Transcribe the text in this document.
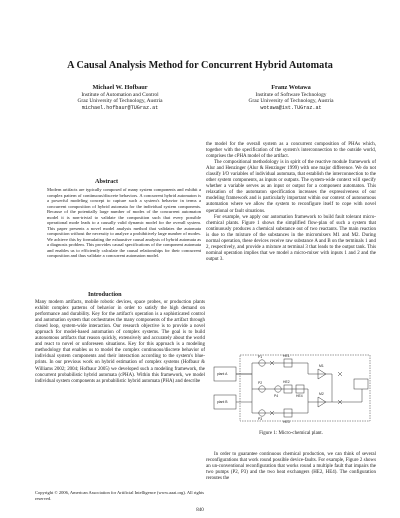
A Causal Analysis Method for Concurrent Hybrid Automata
Michael W. Hofbaur
Institute of Automation and Control
Graz University of Technology, Austria
michael.hofbaur@TUGraz.at
Franz Wotawa
Institute of Software Technology
Graz University of Technology, Austria
wotawa@ist.TUGraz.at
Abstract
Modern artifacts are typically composed of many system components and exhibit a complex pattern of continuous/discrete behaviors. A concurrent hybrid automaton is a powerful modeling concept to capture such a system's behavior in terms a concurrent composition of hybrid automata for the individual system components. Because of the potentially large number of modes of the concurrent automaton model it is non-trivial to validate the composition such that every possible operational mode leads to a causally valid dynamic model for the overall system. This paper presents a novel model analysis method that validates the automata composition without the necessity to analyze a prohibitively large number of modes. We achieve this by formulating the exhaustive causal analysis of hybrid automata as a diagnosis problem. This provides causal specifications of the component automata and enables us to efficiently calculate the causal relationships for their concurrent composition and thus validate a concurrent automaton model.
Introduction

Many modern artifacts, mobile robotic devices, space probes, or production plants exhibit complex patterns of behavior in order to satisfy the high demand on performance and durability. Key for the artifact's operation is a sophisticated control and automation system that orchestrates the many components of the artifact through closed loop, system-wide interaction. Our research objective is to provide a novel approach for model-based automation of complex systems. The goal is to build autonomous artifacts that reason quickly, extensively and accurately about the world and react to novel or unforeseen situations. Key for this approach is a modeling methodology that enables us to model the complex continuous/discrete behavior of individual system components and their interaction according to the system's blue-prints. In our previous work on hybrid estimation of complex systems (Hofbaur & Williams 2002; 2004; Hofbaur 2005) we developed such a modeling framework, the concurrent probabilistic hybrid automata (cPHA). Within this framework, we model individual system components as probabilistic hybrid automata (PHA) and describe

Copyright © 2006, American Association for Artificial Intelligence (www.aaai.org). All rights reserved.

the model for the overall system as a concurrent composition of PHAs which, together with the specification of the system's interconnection to the outside world, comprises the cPHA model of the artifact.

The compositional methodology is in spirit of the reactive module framework of Alur and Henzinger (Alur & Henzinger 1999) with one major difference. We do not classify I/O variables of individual automata, that establish the interconnection to the other system components, as inputs or outputs. The system-wide context will specify whether a variable serves as an input or output for a component automaton. This relaxation of the automaton specification increases the expressiveness of our modeling framework and is particularly important within our context of autonomous automation where we allow the system to reconfigure itself to cope with novel operational or fault situations.

For example, we apply our automation framework to build fault tolerant micro-chemical plants. Figure 1 shows the simplified flow-plan of such a system that continuously produces a chemical substance out of two reactants. The main reaction is due to the mixture of the substances in the micromixers M1 and M2. During normal operation, these devices receive raw substance A and B on the terminals 1 and 2, respectively, and provide a mixture at terminal 3 that leads to the output tank. This nominal operation implies that we model a micro-mixer with inputs 1 and 2 and the output 3.

plant A
plant B
M1
M2
HE1
HE2
HE3
HE4
P1
P2
P3
P4
Figure 1: Micro-chemical plant.
In order to guarantee continuous chemical production, we can think of several reconfigurations that work round possible device-faults. For example, Figure 2 shows an un-conventional reconfiguration that works round a multiple fault that impairs the two pumps (P2, P3) and the two heat exchangers (HE2, HE4). The configuration reroutes the
840
